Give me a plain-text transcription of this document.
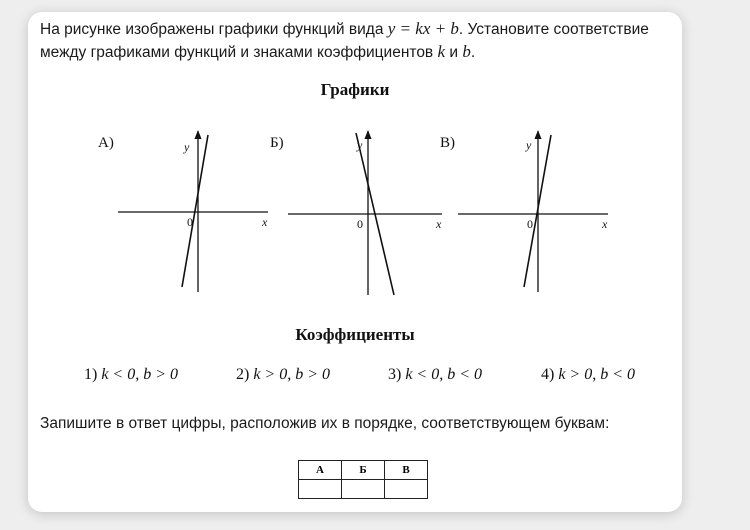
На рисунке изображены графики функций вида y = kx + b. Установите соответствие между графиками функций и знаками коэффициентов k и b.
Графики
А)
x
y
0
Б)
x
y
0
В)
x
y
0
Коэффициенты
1) k < 0, b > 0	2) k > 0, b > 0	3) k < 0, b < 0	4) k > 0, b < 0
Запишите в ответ цифры, расположив их в порядке, соответствующем буквам:
А	Б	В
